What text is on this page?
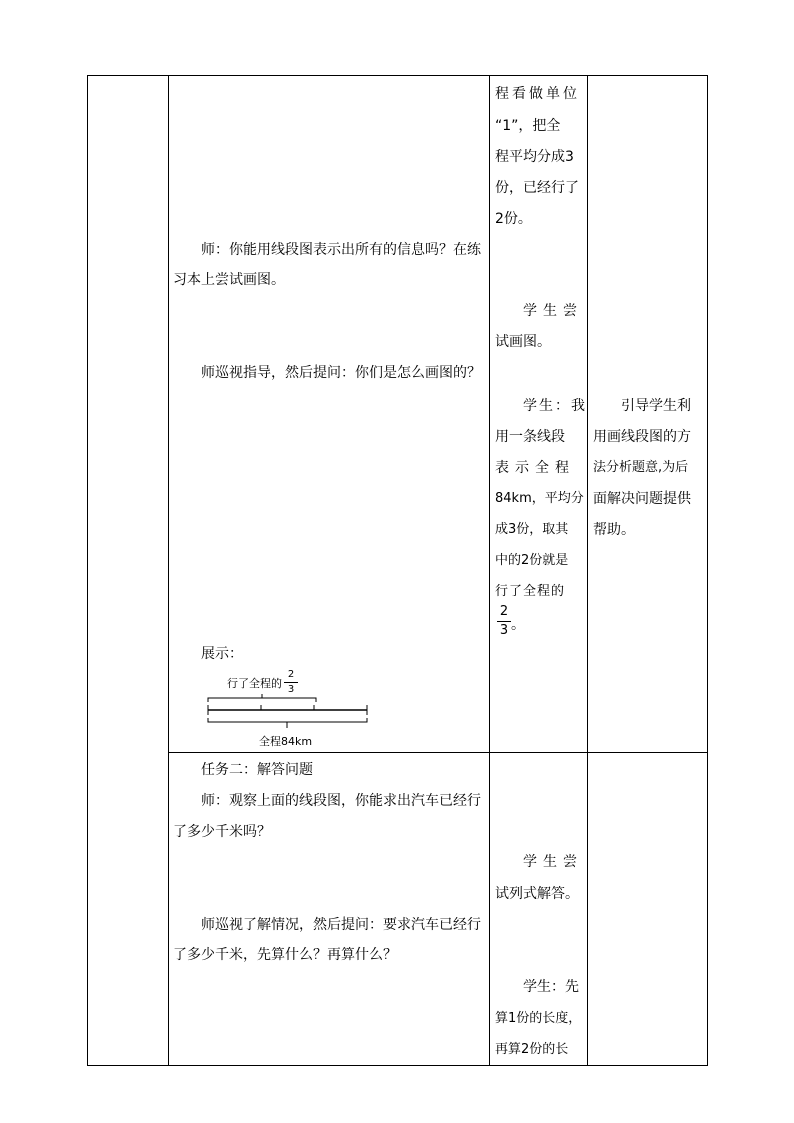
师：你能用线段图表示出所有的信息吗？在练
习本上尝试画图。
师巡视指导，然后提问：你们是怎么画图的？
展示：
行了全程的
2
3
全程84km
任务二：解答问题
师：观察上面的线段图，你能求出汽车已经行
了多少千米吗？
师巡视了解情况，然后提问：要求汽车已经行
了多少千米，先算什么？再算什么？
程看做单位
“1”，把全
程平均分成3
份，已经行了
2份。
学生尝
试画图。
学生：我
用一条线段
表示全程
84km，平均分
成3份，取其
中的2份就是
行了全程的
2
3 。
学生尝
试列式解答。
学生：先
算1份的长度，
再算2份的长
引导学生利
用画线段图的方
法分析题意,为后
面解决问题提供
帮助。
